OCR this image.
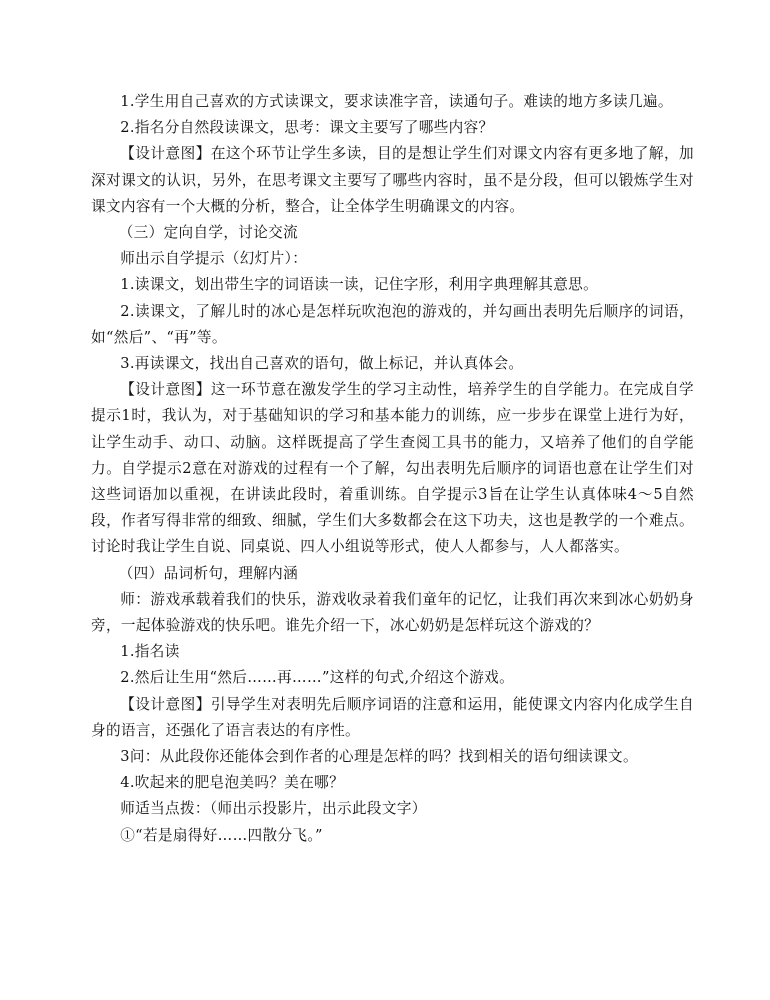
1.学生用自己喜欢的方式读课文，要求读准字音，读通句子。难读的地方多读几遍。

2.指名分自然段读课文，思考：课文主要写了哪些内容？

【设计意图】在这个环节让学生多读，目的是想让学生们对课文内容有更多地了解，加深对课文的认识，另外，在思考课文主要写了哪些内容时，虽不是分段，但可以锻炼学生对课文内容有一个大概的分析，整合，让全体学生明确课文的内容。

（三）定向自学，讨论交流

师出示自学提示（幻灯片）：

1.读课文，划出带生字的词语读一读，记住字形，利用字典理解其意思。

2.读课文，了解儿时的冰心是怎样玩吹泡泡的游戏的，并勾画出表明先后顺序的词语，如“然后”、“再”等。

3.再读课文，找出自己喜欢的语句，做上标记，并认真体会。

【设计意图】这一环节意在激发学生的学习主动性，培养学生的自学能力。在完成自学提示1时，我认为，对于基础知识的学习和基本能力的训练，应一步步在课堂上进行为好，让学生动手、动口、动脑。这样既提高了学生查阅工具书的能力，又培养了他们的自学能力。自学提示2意在对游戏的过程有一个了解，勾出表明先后顺序的词语也意在让学生们对这些词语加以重视，在讲读此段时，着重训练。自学提示3旨在让学生认真体味4～5自然段，作者写得非常的细致、细腻，学生们大多数都会在这下功夫，这也是教学的一个难点。讨论时我让学生自说、同桌说、四人小组说等形式，使人人都参与，人人都落实。

（四）品词析句，理解内涵

师：游戏承载着我们的快乐，游戏收录着我们童年的记忆，让我们再次来到冰心奶奶身旁，一起体验游戏的快乐吧。谁先介绍一下，冰心奶奶是怎样玩这个游戏的？

1.指名读

2.然后让生用“然后……再……”这样的句式,介绍这个游戏。

【设计意图】引导学生对表明先后顺序词语的注意和运用，能使课文内容内化成学生自身的语言，还强化了语言表达的有序性。

3问：从此段你还能体会到作者的心理是怎样的吗？找到相关的语句细读课文。

4.吹起来的肥皂泡美吗？美在哪？

师适当点拨：（师出示投影片，出示此段文字）

①“若是扇得好……四散分飞。”
